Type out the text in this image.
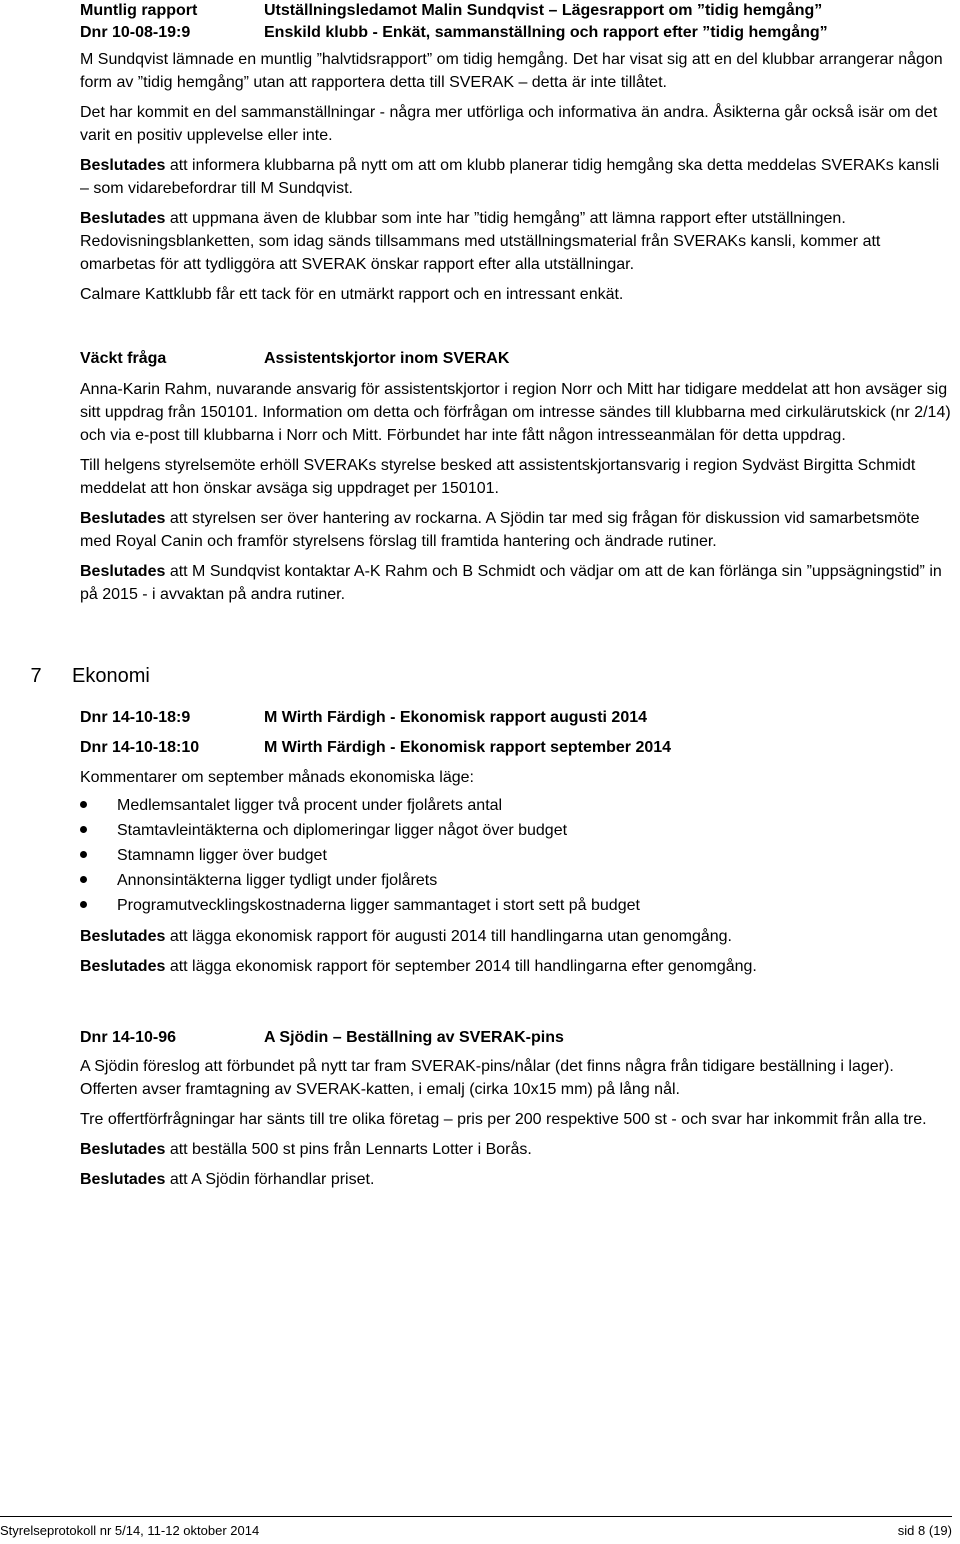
Muntlig rapport	Utställningsledamot Malin Sundqvist – Lägesrapport om ”tidig hemgång”
Dnr 10-08-19:9	Enskild klubb - Enkät, sammanställning och rapport efter ”tidig hemgång”

M Sundqvist lämnade en muntlig ”halvtidsrapport” om tidig hemgång. Det har visat sig att en del klubbar arrangerar någon form av ”tidig hemgång” utan att rapportera detta till SVERAK – detta är inte tillåtet.

Det har kommit en del sammanställningar - några mer utförliga och informativa än andra. Åsikterna går också isär om det varit en positiv upplevelse eller inte.

Beslutades att informera klubbarna på nytt om att om klubb planerar tidig hemgång ska detta meddelas SVERAKs kansli – som vidarebefordrar till M Sundqvist.

Beslutades att uppmana även de klubbar som inte har ”tidig hemgång” att lämna rapport efter utställningen.

Redovisningsblanketten, som idag sänds tillsammans med utställningsmaterial från SVERAKs kansli, kommer att omarbetas för att tydliggöra att SVERAK önskar rapport efter alla utställningar.

Calmare Kattklubb får ett tack för en utmärkt rapport och en intressant enkät.

Väckt fråga	Assistentskjortor inom SVERAK

Anna-Karin Rahm, nuvarande ansvarig för assistentskjortor i region Norr och Mitt har tidigare meddelat att hon avsäger sig sitt uppdrag från 150101. Information om detta och förfrågan om intresse sändes till klubbarna med cirkulärutskick (nr 2/14) och via e-post till klubbarna i Norr och Mitt. Förbundet har inte fått någon intresseanmälan för detta uppdrag.

Till helgens styrelsemöte erhöll SVERAKs styrelse besked att assistentskjortansvarig i region Sydväst Birgitta Schmidt meddelat att hon önskar avsäga sig uppdraget per 150101.

Beslutades att styrelsen ser över hantering av rockarna. A Sjödin tar med sig frågan för diskussion vid samarbetsmöte med Royal Canin och framför styrelsens förslag till framtida hantering och ändrade rutiner.

Beslutades att M Sundqvist kontaktar A-K Rahm och B Schmidt och vädjar om att de kan förlänga sin ”uppsägningstid” in på 2015 - i avvaktan på andra rutiner.

7	Ekonomi
Dnr 14-10-18:9	M Wirth Färdigh - Ekonomisk rapport augusti 2014
Dnr 14-10-18:10	M Wirth Färdigh - Ekonomisk rapport september 2014

Kommentarer om september månads ekonomiska läge:

Medlemsantalet ligger två procent under fjolårets antal
Stamtavleintäkterna och diplomeringar ligger något över budget
Stamnamn ligger över budget
Annonsintäkterna ligger tydligt under fjolårets
Programutvecklingskostnaderna ligger sammantaget i stort sett på budget

Beslutades att lägga ekonomisk rapport för augusti 2014 till handlingarna utan genomgång.

Beslutades att lägga ekonomisk rapport för september 2014 till handlingarna efter genomgång.

Dnr 14-10-96	A Sjödin – Beställning av SVERAK-pins

A Sjödin föreslog att förbundet på nytt tar fram SVERAK-pins/nålar (det finns några från tidigare beställning i lager). Offerten avser framtagning av SVERAK-katten, i emalj (cirka 10x15 mm) på lång nål.

Tre offertförfrågningar har sänts till tre olika företag – pris per 200 respektive 500 st - och svar har inkommit från alla tre.

Beslutades att beställa 500 st pins från Lennarts Lotter i Borås.

Beslutades att A Sjödin förhandlar priset.

Styrelseprotokoll nr 5/14, 11-12 oktober 2014	sid 8 (19)
